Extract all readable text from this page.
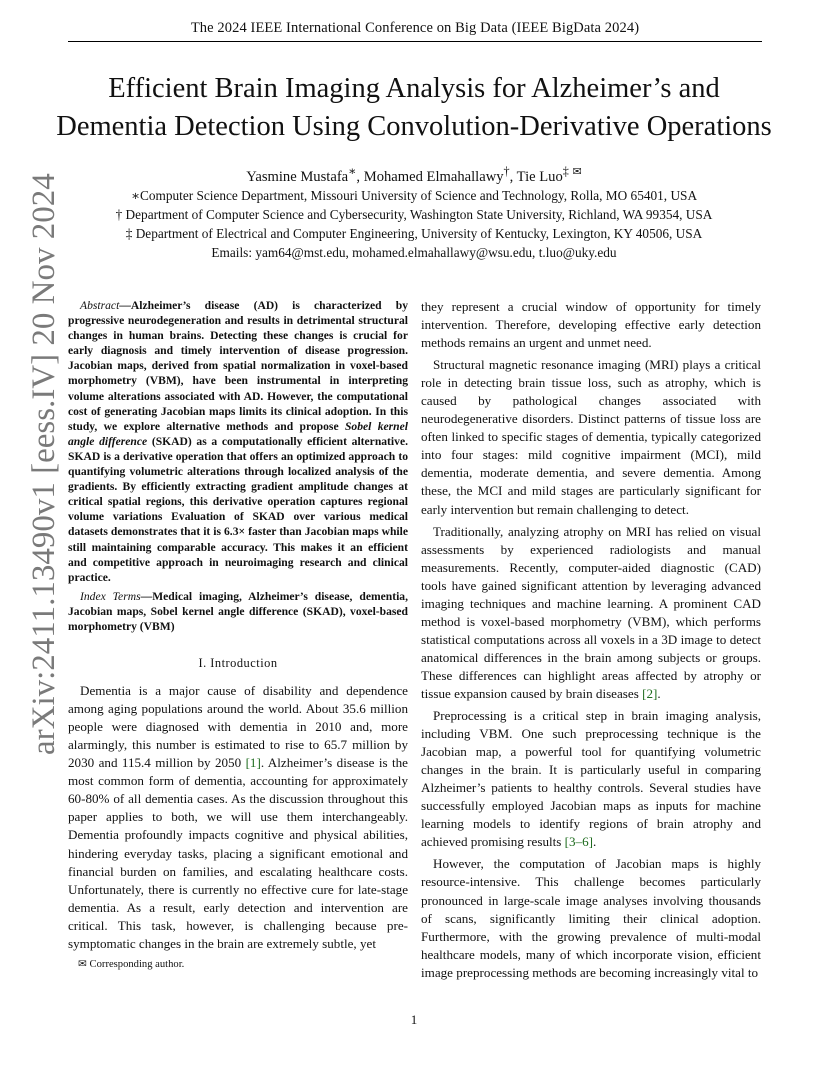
The 2024 IEEE International Conference on Big Data (IEEE BigData 2024)
arXiv:2411.13490v1 [eess.IV] 20 Nov 2024
Efficient Brain Imaging Analysis for Alzheimer’s and
Dementia Detection Using Convolution-Derivative Operations
Yasmine Mustafa∗, Mohamed Elmahallawy†, Tie Luo‡ ✉
∗Computer Science Department, Missouri University of Science and Technology, Rolla, MO 65401, USA
† Department of Computer Science and Cybersecurity, Washington State University, Richland, WA 99354, USA
‡ Department of Electrical and Computer Engineering, University of Kentucky, Lexington, KY 40506, USA
Emails: yam64@mst.edu, mohamed.elmahallawy@wsu.edu, t.luo@uky.edu

Abstract—Alzheimer’s disease (AD) is characterized by progressive neurodegeneration and results in detrimental structural changes in human brains. Detecting these changes is crucial for early diagnosis and timely intervention of disease progression. Jacobian maps, derived from spatial normalization in voxel-based morphometry (VBM), have been instrumental in interpreting volume alterations associated with AD. However, the computational cost of generating Jacobian maps limits its clinical adoption. In this study, we explore alternative methods and propose Sobel kernel angle difference (SKAD) as a computationally efficient alternative. SKAD is a derivative operation that offers an optimized approach to quantifying volumetric alterations through localized analysis of the gradients. By efficiently extracting gradient amplitude changes at critical spatial regions, this derivative operation captures regional volume variations Evaluation of SKAD over various medical datasets demonstrates that it is 6.3× faster than Jacobian maps while still maintaining comparable accuracy. This makes it an efficient and competitive approach in neuroimaging research and clinical practice.

Index Terms—Medical imaging, Alzheimer’s disease, dementia, Jacobian maps, Sobel kernel angle difference (SKAD), voxel-based morphometry (VBM)

I. Introduction

Dementia is a major cause of disability and dependence among aging populations around the world. About 35.6 million people were diagnosed with dementia in 2010 and, more alarmingly, this number is estimated to rise to 65.7 million by 2030 and 115.4 million by 2050 [1]. Alzheimer’s disease is the most common form of dementia, accounting for approximately 60-80% of all dementia cases. As the discussion throughout this paper applies to both, we will use them interchangeably. Dementia profoundly impacts cognitive and physical abilities, hindering everyday tasks, placing a significant emotional and financial burden on families, and escalating healthcare costs. Unfortunately, there is currently no effective cure for late-stage dementia. As a result, early detection and intervention are critical. This task, however, is challenging because pre-symptomatic changes in the brain are extremely subtle, yet

✉ Corresponding author.

they represent a crucial window of opportunity for timely intervention. Therefore, developing effective early detection methods remains an urgent and unmet need.

Structural magnetic resonance imaging (MRI) plays a critical role in detecting brain tissue loss, such as atrophy, which is caused by pathological changes associated with neurodegenerative disorders. Distinct patterns of tissue loss are often linked to specific stages of dementia, typically categorized into four stages: mild cognitive impairment (MCI), mild dementia, moderate dementia, and severe dementia. Among these, the MCI and mild stages are particularly significant for early intervention but remain challenging to detect.

Traditionally, analyzing atrophy on MRI has relied on visual assessments by experienced radiologists and manual measurements. Recently, computer-aided diagnostic (CAD) tools have gained significant attention by leveraging advanced imaging techniques and machine learning. A prominent CAD method is voxel-based morphometry (VBM), which performs statistical computations across all voxels in a 3D image to detect anatomical differences in the brain among subjects or groups. These differences can highlight areas affected by atrophy or tissue expansion caused by brain diseases [2].

Preprocessing is a critical step in brain imaging analysis, including VBM. One such preprocessing technique is the Jacobian map, a powerful tool for quantifying volumetric changes in the brain. It is particularly useful in comparing Alzheimer’s patients to healthy controls. Several studies have successfully employed Jacobian maps as inputs for machine learning models to identify regions of brain atrophy and achieved promising results [3–6].

However, the computation of Jacobian maps is highly resource-intensive. This challenge becomes particularly pronounced in large-scale image analyses involving thousands of scans, significantly limiting their clinical adoption. Furthermore, with the growing prevalence of multi-modal healthcare models, many of which incorporate vision, efficient image preprocessing methods are becoming increasingly vital to

1
